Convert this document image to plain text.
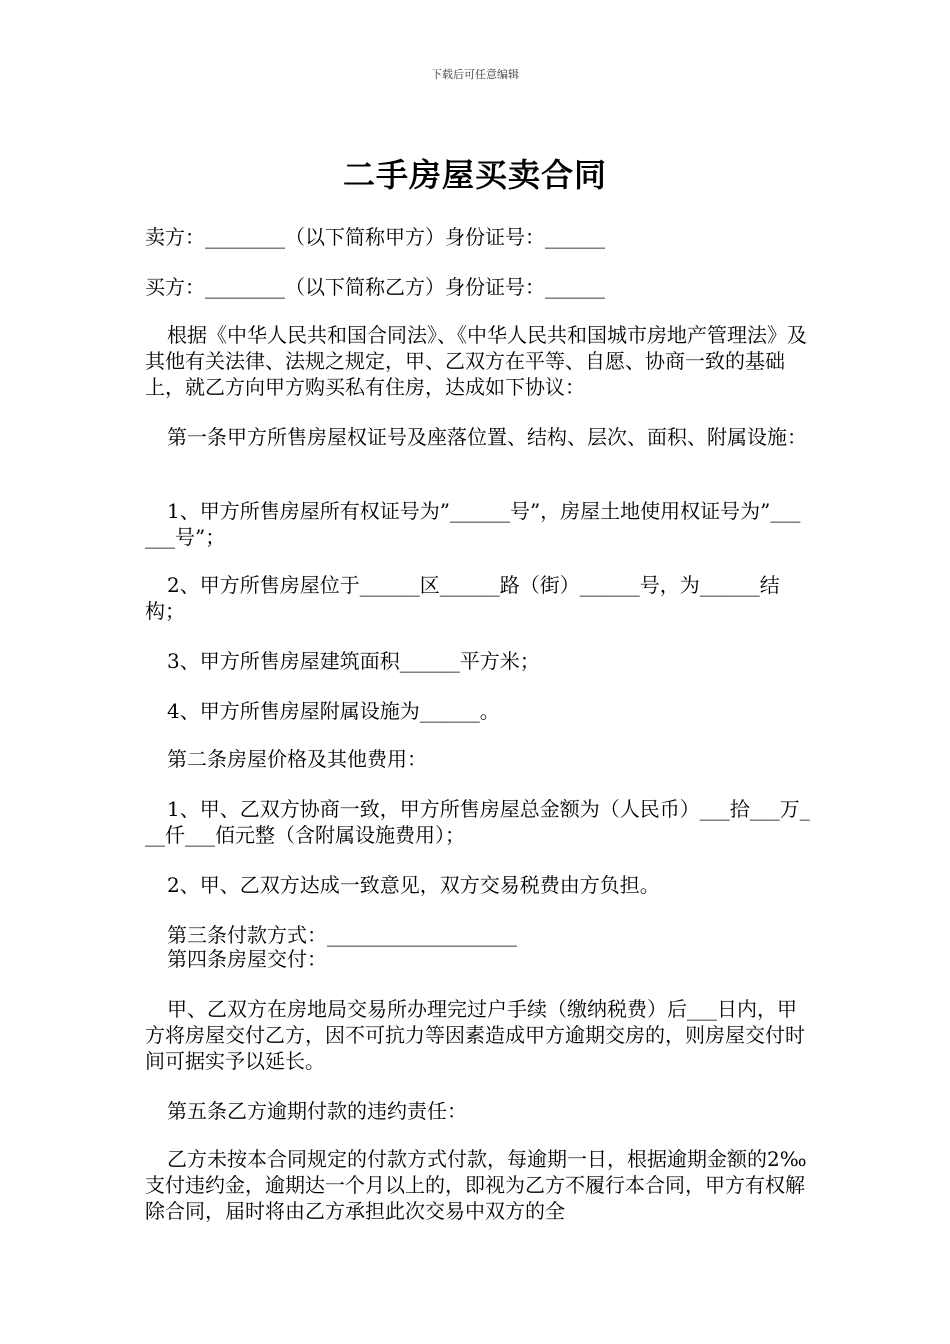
下载后可任意编辑
二手房屋买卖合同
卖方：________（以下简称甲方）身份证号：______
买方：________（以下简称乙方）身份证号：______
根据《中华人民共和国合同法》、《中华人民共和国城市房地产管理法》及其他有关法律、法规之规定，甲、乙双方在平等、自愿、协商一致的基础上，就乙方向甲方购买私有住房，达成如下协议：
第一条甲方所售房屋权证号及座落位置、结构、层次、面积、附属设施：
1、甲方所售房屋所有权证号为”______号”，房屋土地使用权证号为”______号”；
2、甲方所售房屋位于______区______路（街）______号，为______结构；
3、甲方所售房屋建筑面积______平方米；
4、甲方所售房屋附属设施为______。
第二条房屋价格及其他费用：
1、甲、乙双方协商一致，甲方所售房屋总金额为（人民币）___拾___万___仟___佰元整（含附属设施费用）；
2、甲、乙双方达成一致意见，双方交易税费由方负担。
第三条付款方式：___________________
第四条房屋交付：
甲、乙双方在房地局交易所办理完过户手续（缴纳税费）后___日内，甲方将房屋交付乙方，因不可抗力等因素造成甲方逾期交房的，则房屋交付时间可据实予以延长。
第五条乙方逾期付款的违约责任：
乙方未按本合同规定的付款方式付款，每逾期一日，根据逾期金额的2‰支付违约金，逾期达一个月以上的，即视为乙方不履行本合同，甲方有权解除合同，届时将由乙方承担此次交易中双方的全
